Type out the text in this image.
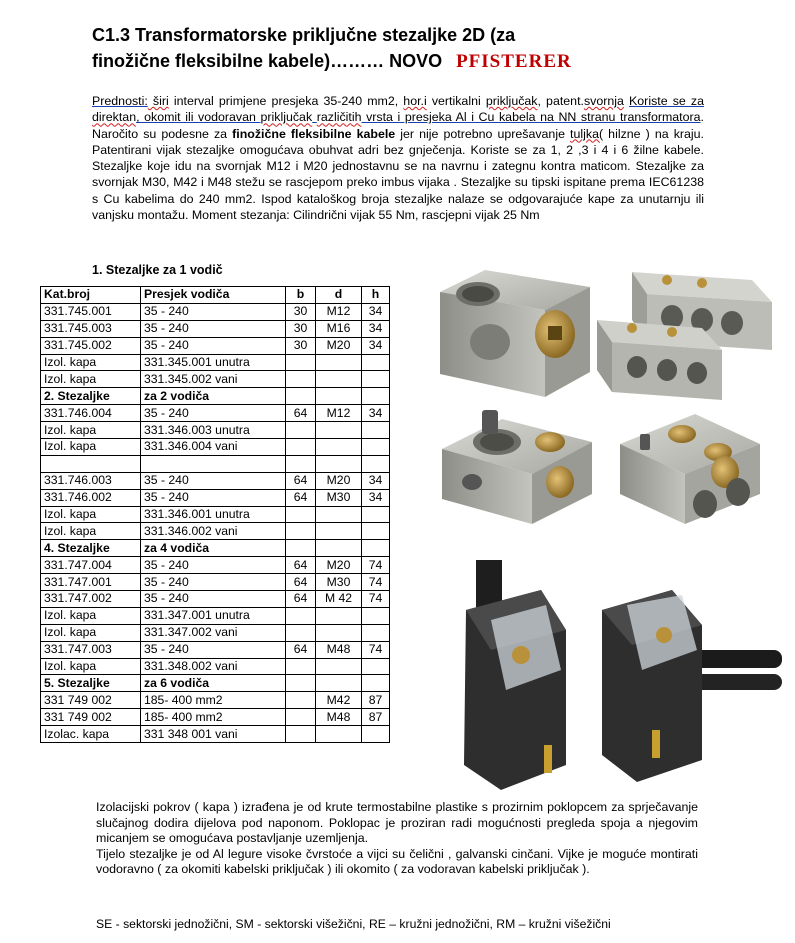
C1.3 Transformatorske priključne stezaljke 2D (za
finožične fleksibilne kabele)……… NOVO PFISTERER
Prednosti: širi interval primjene presjeka 35-240 mm2, hor.i vertikalni priključak, patent.svornja Koriste se za direktan, okomit ili vodoravan priključak različitih vrsta i presjeka Al i Cu kabela na NN stranu transformatora. Naročito su podesne za finožične fleksibilne kabele jer nije potrebno uprešavanje tuljka( hilzne ) na kraju. Patentirani vijak stezaljke omogućava obuhvat adri bez gnječenja. Koriste se za 1, 2 ,3 i 4 i 6 žilne kabele. Stezaljke koje idu na svornjak M12 i M20 jednostavnu se na navrnu i zategnu kontra maticom. Stezaljke za svornjak M30, M42 i M48 stežu se rascjepom preko imbus vijaka . Stezaljke su tipski ispitane prema IEC61238 s Cu kabelima do 240 mm2. Ispod kataloškog broja stezaljke nalaze se odgovarajuće kape za unutarnju ili vanjsku montažu. Moment stezanja: Cilindrični vijak 55 Nm, rascjepni vijak 25 Nm
1. Stezaljke za 1 vodič
Kat.broj	Presjek vodiča	b	d	h
331.745.001	35 - 240	30	M12	34
331.745.003	35 - 240	30	M16	34
331.745.002	35 - 240	30	M20	34
Izol. kapa	331.345.001 unutra			
Izol. kapa	331.345.002 vani			
2. Stezaljke	za 2 vodiča			
331.746.004	35 - 240	64	M12	34
Izol. kapa	331.346.003 unutra			
Izol. kapa	331.346.004 vani			

331.746.003	35 - 240	64	M20	34
331.746.002	35 - 240	64	M30	34
Izol. kapa	331.346.001 unutra			
Izol. kapa	331.346.002 vani			
4. Stezaljke	za 4 vodiča			
331.747.004	35 - 240	64	M20	74
331.747.001	35 - 240	64	M30	74
331.747.002	35 - 240	64	M 42	74
Izol. kapa	331.347.001 unutra			
Izol. kapa	331.347.002 vani			
331.747.003	35 - 240	64	M48	74
Izol. kapa	331.348.002 vani			
5. Stezaljke	za 6 vodiča			
331 749 002	185- 400 mm2		M42	87
331 749 002	185- 400 mm2		M48	87
Izolac. kapa	331 348 001 vani			
Izolacijski pokrov ( kapa ) izrađena je od krute termostabilne plastike s prozirnim poklopcem za sprječavanje slučajnog dodira dijelova pod naponom. Poklopac je proziran radi mogućnosti pregleda spoja a njegovim micanjem se omogućava postavljanje uzemljenja.
Tijelo stezaljke je od Al legure visoke čvrstoće a vijci su čelični , galvanski cinčani. Vijke je moguće montirati vodoravno ( za okomiti kabelski priključak ) ili okomito ( za vodoravan kabelski priključak ).
SE - sektorski jednožični, SM - sektorski višežični, RE – kružni jednožični, RM – kružni višežični
